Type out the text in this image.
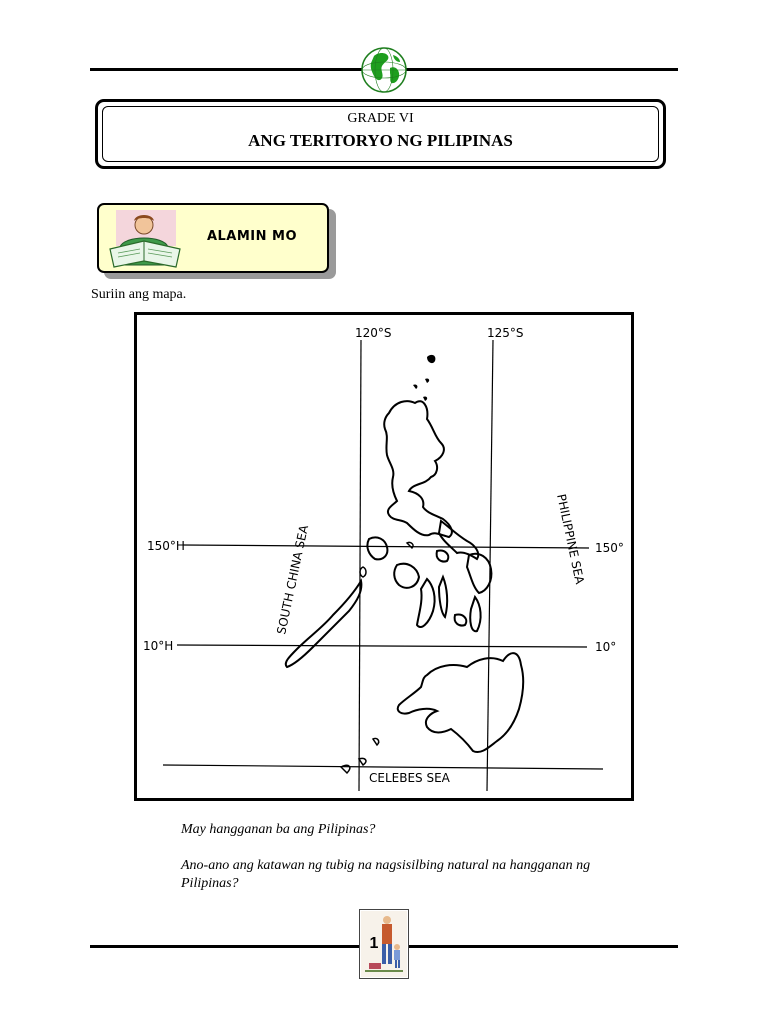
GRADE VI
ANG TERITORYO NG PILIPINAS
ALAMIN MO
Suriin ang mapa.
120°S	125°S
150°H
10°H
150°
10°
SOUTH CHINA SEA	PHILIPPINE SEA
CELEBES SEA
May hangganan ba ang Pilipinas?
Ano-ano ang katawan ng tubig na nagsisilbing natural na hangganan ng Pilipinas?
1
